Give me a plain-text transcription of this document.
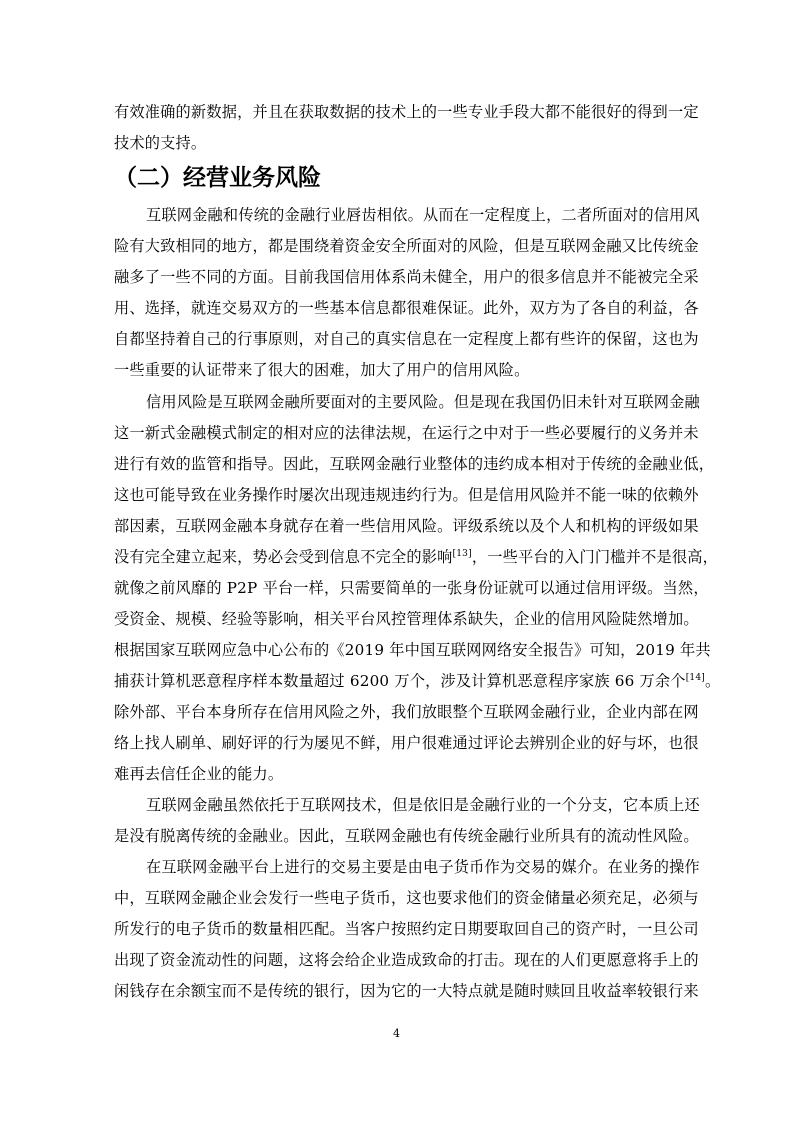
有效准确的新数据，并且在获取数据的技术上的一些专业手段大都不能很好的得到一定
技术的支持。
（二）经营业务风险
互联网金融和传统的金融行业唇齿相依。从而在一定程度上，二者所面对的信用风
险有大致相同的地方，都是围绕着资金安全所面对的风险，但是互联网金融又比传统金
融多了一些不同的方面。目前我国信用体系尚未健全，用户的很多信息并不能被完全采
用、选择，就连交易双方的一些基本信息都很难保证。此外，双方为了各自的利益，各
自都坚持着自己的行事原则，对自己的真实信息在一定程度上都有些许的保留，这也为
一些重要的认证带来了很大的困难，加大了用户的信用风险。
信用风险是互联网金融所要面对的主要风险。但是现在我国仍旧未针对互联网金融
这一新式金融模式制定的相对应的法律法规，在运行之中对于一些必要履行的义务并未
进行有效的监管和指导。因此，互联网金融行业整体的违约成本相对于传统的金融业低，
这也可能导致在业务操作时屡次出现违规违约行为。但是信用风险并不能一味的依赖外
部因素，互联网金融本身就存在着一些信用风险。评级系统以及个人和机构的评级如果
没有完全建立起来，势必会受到信息不完全的影响[13]，一些平台的入门门槛并不是很高，
就像之前风靡的 P2P 平台一样，只需要简单的一张身份证就可以通过信用评级。当然，
受资金、规模、经验等影响，相关平台风控管理体系缺失，企业的信用风险陡然增加。
根据国家互联网应急中心公布的《2019 年中国互联网网络安全报告》可知，2019 年共
捕获计算机恶意程序样本数量超过 6200 万个，涉及计算机恶意程序家族 66 万余个[14]。
除外部、平台本身所存在信用风险之外，我们放眼整个互联网金融行业，企业内部在网
络上找人刷单、刷好评的行为屡见不鲜，用户很难通过评论去辨别企业的好与坏，也很
难再去信任企业的能力。
互联网金融虽然依托于互联网技术，但是依旧是金融行业的一个分支，它本质上还
是没有脱离传统的金融业。因此，互联网金融也有传统金融行业所具有的流动性风险。
在互联网金融平台上进行的交易主要是由电子货币作为交易的媒介。在业务的操作
中，互联网金融企业会发行一些电子货币，这也要求他们的资金储量必须充足，必须与
所发行的电子货币的数量相匹配。当客户按照约定日期要取回自己的资产时，一旦公司
出现了资金流动性的问题，这将会给企业造成致命的打击。现在的人们更愿意将手上的
闲钱存在余额宝而不是传统的银行，因为它的一大特点就是随时赎回且收益率较银行来
4
